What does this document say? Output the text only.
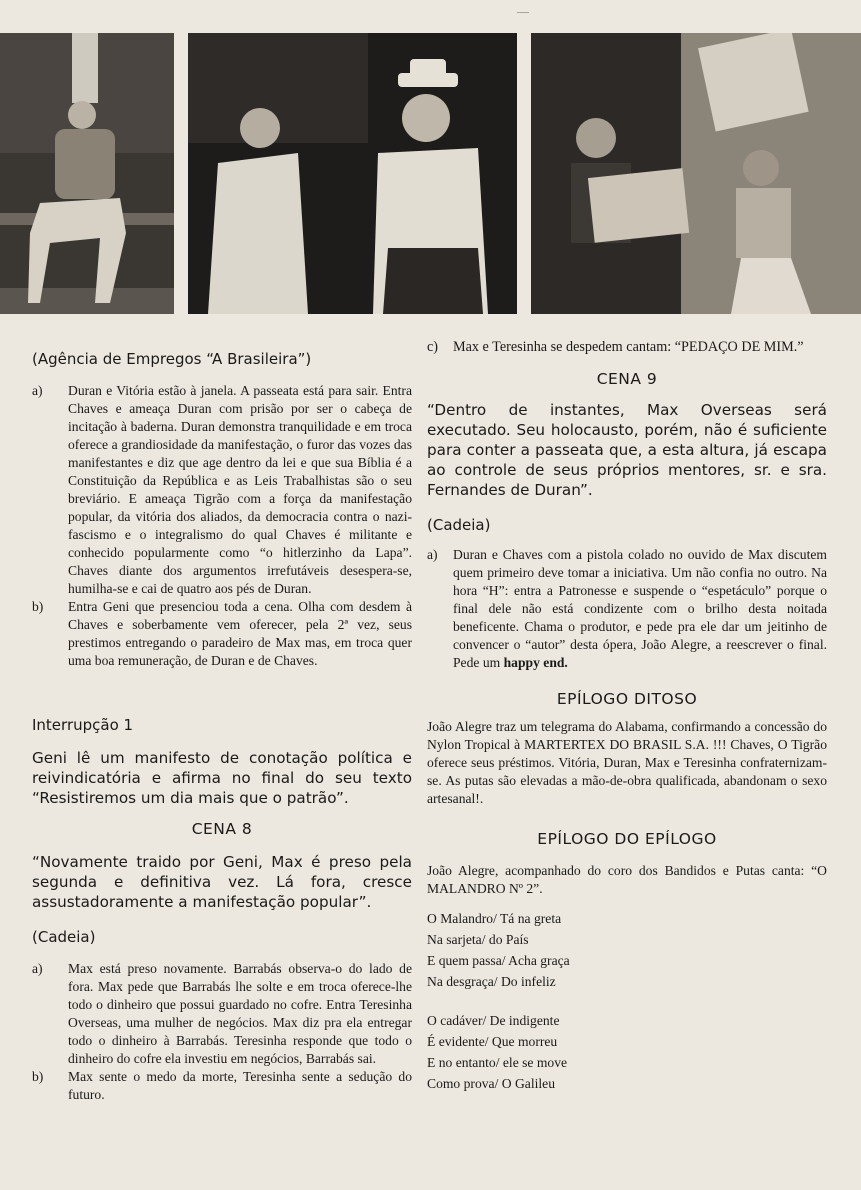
—
(Agência de Empregos “A Brasileira”)
a)	Duran e Vitória estão à janela. A passeata está para sair. Entra Chaves e ameaça Duran com prisão por ser o cabeça de incitação à baderna. Duran demonstra tranquilidade e em troca oferece a grandiosidade da manifestação, o furor das vozes das manifestantes e diz que age dentro da lei e que sua Bíblia é a Constituição da República e as Leis Trabalhistas são o seu breviário. E ameaça Tigrão com a força da manifestação popular, da vitória dos aliados, da democracia contra o nazi-fascismo e o integralismo do qual Chaves é militante e conhecido popularmente como “o hitlerzinho da Lapa”. Chaves diante dos argumentos irrefutáveis desespera-se, humilha-se e cai de quatro aos pés de Duran.
b)	Entra Geni que presenciou toda a cena. Olha com desdem à Chaves e soberbamente vem oferecer, pela 2ª vez, seus prestimos entregando o paradeiro de Max mas, em troca quer uma boa remuneração, de Duran e de Chaves.
Interrupção 1
Geni lê um manifesto de conotação política e reivindicatória e afirma no final do seu texto “Resistiremos um dia mais que o patrão”.
CENA 8
“Novamente traido por Geni, Max é preso pela segunda e definitiva vez. Lá fora, cresce assustadoramente a manifestação popular”.
(Cadeia)
a)	Max está preso novamente. Barrabás observa-o do lado de fora. Max pede que Barrabás lhe solte e em troca oferece-lhe todo o dinheiro que possui guardado no cofre. Entra Teresinha Overseas, uma mulher de negócios. Max diz pra ela entregar todo o dinheiro à Barrabás. Teresinha responde que todo o dinheiro do cofre ela investiu em negócios, Barrabás sai.
b)	Max sente o medo da morte, Teresinha sente a sedução do futuro.
c)	Max e Teresinha se despedem cantam: “PEDAÇO DE MIM.”
CENA 9
“Dentro de instantes, Max Overseas será executado. Seu holocausto, porém, não é suficiente para conter a passeata que, a esta altura, já escapa ao controle de seus próprios mentores, sr. e sra. Fernandes de Duran”.
(Cadeia)
a)	Duran e Chaves com a pistola colado no ouvido de Max discutem quem primeiro deve tomar a iniciativa. Um não confia no outro. Na hora “H”: entra a Patronesse e suspende o “espetáculo” porque o final dele não está condizente com o brilho desta noitada beneficente. Chama o produtor, e pede pra ele dar um jeitinho de convencer o “autor” desta ópera, João Alegre, a reescrever o final. Pede um happy end.
EPÍLOGO DITOSO
João Alegre traz um telegrama do Alabama, confirmando a concessão do Nylon Tropical à MARTERTEX DO BRASIL S.A. !!! Chaves, O Tigrão oferece seus préstimos. Vitória, Duran, Max e Teresinha confraternizam-se. As putas são elevadas a mão-de-obra qualificada, abandonam o sexo artesanal!.
EPÍLOGO DO EPÍLOGO
João Alegre, acompanhado do coro dos Bandidos e Putas canta: “O MALANDRO Nº 2”.
O Malandro/ Tá na greta
Na sarjeta/ do País
E quem passa/ Acha graça
Na desgraça/ Do infeliz
O cadáver/ De indigente
É evidente/ Que morreu
E no entanto/ ele se move
Como prova/ O Galileu
